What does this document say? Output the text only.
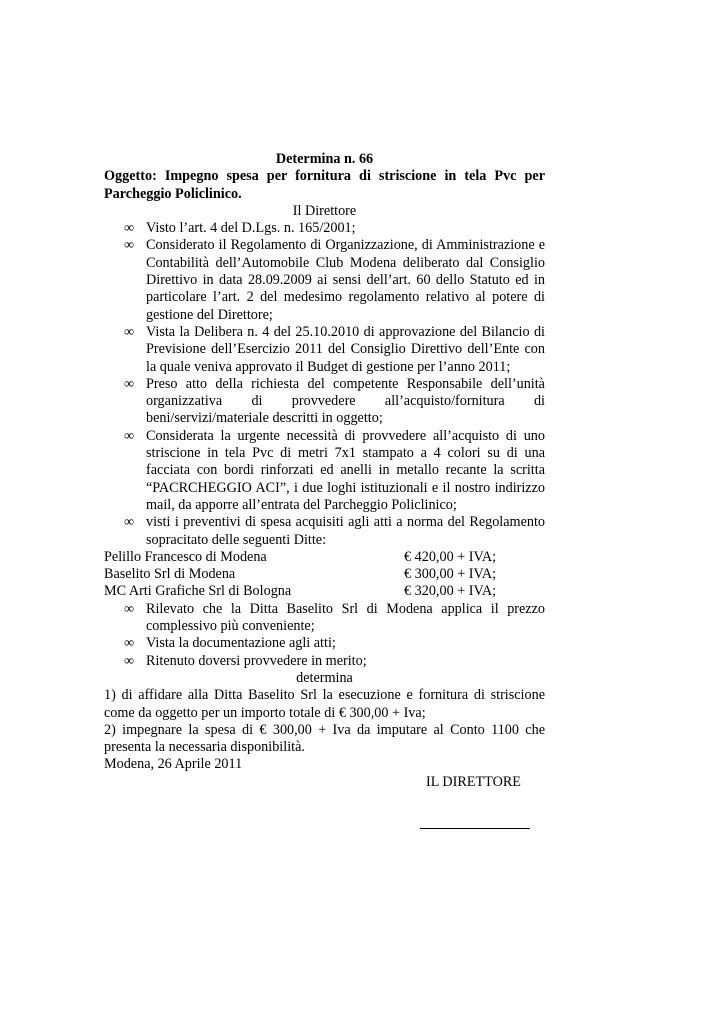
Determina n. 66
Oggetto: Impegno spesa per fornitura di striscione in tela Pvc per Parcheggio Policlinico.
Il Direttore
∞ Visto l’art. 4 del D.Lgs. n. 165/2001;
∞ Considerato il Regolamento di Organizzazione, di Amministrazione e Contabilità dell’Automobile Club Modena deliberato dal Consiglio Direttivo in data 28.09.2009 ai sensi dell’art. 60 dello Statuto ed in particolare l’art. 2 del medesimo regolamento relativo al potere di gestione del Direttore;
∞ Vista la Delibera n. 4 del 25.10.2010 di approvazione del Bilancio di Previsione dell’Esercizio 2011 del Consiglio Direttivo dell’Ente con la quale veniva approvato il Budget di gestione per l’anno 2011;
∞ Preso atto della richiesta del competente Responsabile dell’unità organizzativa di provvedere all’acquisto/fornitura di beni/servizi/materiale descritti in oggetto;
∞ Considerata la urgente necessità di provvedere all’acquisto di uno striscione in tela Pvc di metri 7x1 stampato a 4 colori su di una facciata con bordi rinforzati ed anelli in metallo recante la scritta “PACRCHEGGIO ACI”, i due loghi istituzionali e il nostro indirizzo mail, da apporre all’entrata del Parcheggio Policlinico;
∞ visti i preventivi di spesa acquisiti agli atti a norma del Regolamento sopracitato delle seguenti Ditte:
Pelillo Francesco di Modena	€ 420,00 + IVA;
Baselito Srl di Modena	€ 300,00 + IVA;
MC Arti Grafiche Srl di Bologna	€ 320,00 + IVA;
∞ Rilevato che la Ditta Baselito Srl di Modena applica il prezzo complessivo più conveniente;
∞ Vista la documentazione agli atti;
∞ Ritenuto doversi provvedere in merito;
determina
1) di affidare alla Ditta Baselito Srl la esecuzione e fornitura di striscione come da oggetto per un importo totale di € 300,00 + Iva;
2) impegnare la spesa di € 300,00 + Iva da imputare al Conto 1100 che presenta la necessaria disponibilità.
Modena, 26 Aprile 2011
IL DIRETTORE
